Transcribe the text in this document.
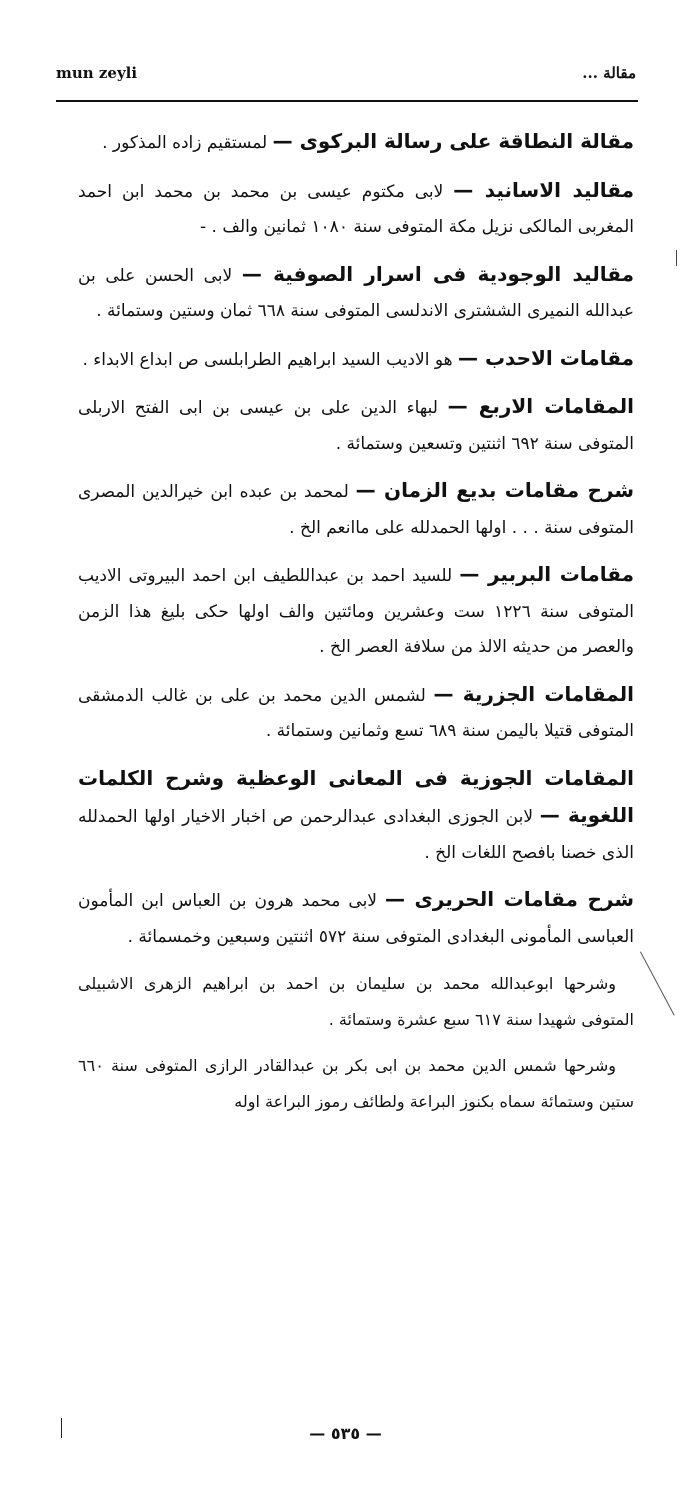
mun zeyli	مقالة ...

مقالة النطاقة على رسالة البركوى — لمستقيم زاده المذكور .

مقاليد الاسانيد — لابى مكتوم عيسى بن محمد بن محمد ابن احمد المغربى المالكى نزيل مكة المتوفى سنة ١٠٨٠ ثمانين والف . -

مقاليد الوجودية فى اسرار الصوفية — لابى الحسن على بن عبدالله النميرى الششترى الاندلسى المتوفى سنة ٦٦٨ ثمان وستين وستمائة .

مقامات الاحدب — هو الاديب السيد ابراهيم الطرابلسى ص ابداع الابداء .

المقامات الاربع — لبهاء الدين على بن عيسى بن ابى الفتح الاربلى المتوفى سنة ٦٩٢ اثنتين وتسعين وستمائة .

شرح مقامات بديع الزمان — لمحمد بن عبده ابن خيرالدين المصرى المتوفى سنة . . . اولها الحمدلله على ماانعم الخ .

مقامات البربير — للسيد احمد بن عبداللطيف ابن احمد البيروتى الاديب المتوفى سنة ١٢٢٦ ست وعشرين ومائتين والف اولها حكى بليغ هذا الزمن والعصر من حديثه الالذ من سلافة العصر الخ .

المقامات الجزرية — لشمس الدين محمد بن على بن غالب الدمشقى المتوفى قتيلا باليمن سنة ٦٨٩ تسع وثمانين وستمائة .

المقامات الجوزية فى المعانى الوعظية وشرح الكلمات اللغوية — لابن الجوزى البغدادى عبدالرحمن ص اخبار الاخيار اولها الحمدلله الذى خصنا بافصح اللغات الخ .

شرح مقامات الحريرى — لابى محمد هرون بن العباس ابن المأمون العباسى المأمونى البغدادى المتوفى سنة ٥٧٢ اثنتين وسبعين وخمسمائة .

وشرحها ابوعبدالله محمد بن سليمان بن احمد بن ابراهيم الزهرى الاشبيلى المتوفى شهيدا سنة ٦١٧ سبع عشرة وستمائة .

وشرحها شمس الدين محمد بن ابى بكر بن عبدالقادر الرازى المتوفى سنة ٦٦٠ ستين وستمائة سماه بكنوز البراعة ولطائف رموز البراعة اوله

— ٥٣٥ —
